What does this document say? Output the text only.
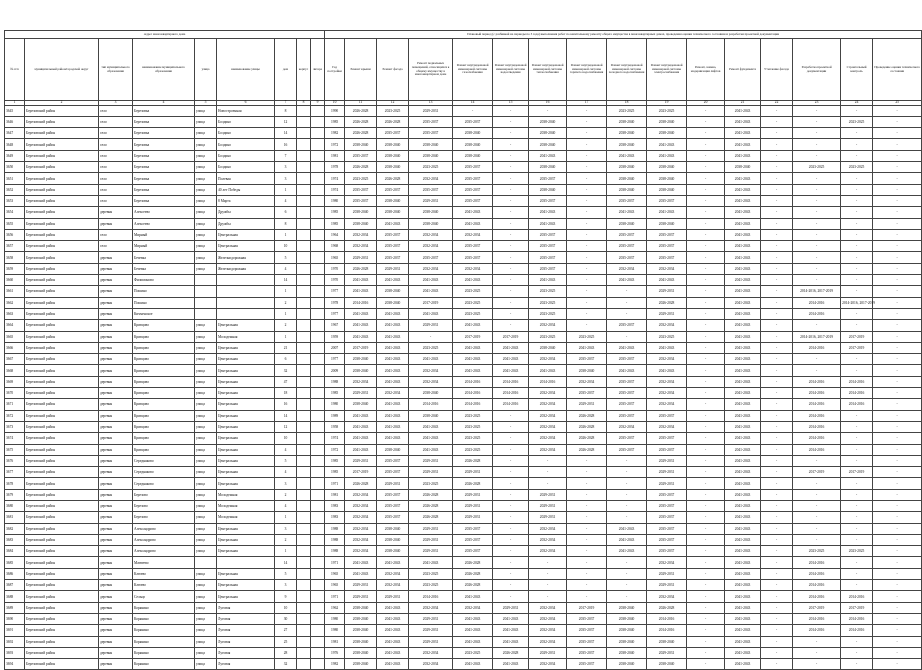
Адрес многоквартирного дома									Плановый период (с разбивкой на периоды по 3 года) выполнения работ по капитальному ремонту общего имущества в многоквартирных домах, проведения оценки технического состояния и разработки проектной документации															
№ п/п	муниципальный район/городской округ	тип муниципального образования	наименование муниципального образования	улица	наименование улицы	дом	корпус	литера	Год постройки	Ремонт крыши	Ремонт фасада	Ремонт подвальных помещений, относящихся к общему имуществу в многоквартирном доме	Ремонт внутридомовой инженерной системы газоснабжения	Ремонт внутридомовой инженерной системы водоотведения	Ремонт внутридомовой инженерной системы теплоснабжения	Ремонт внутридомовой инженерной системы горячего водоснабжения	Ремонт внутридомовой инженерной системы холодного водоснабжения	Ремонт внутридомовой инженерной системы электроснабжения	Ремонт, замена, модернизация лифтов	Ремонт фундамента	Утепление фасада	Разработка проектной документации	Строительный контроль	Проведение оценки технического состояния
1	2	3	4	5	6	7	8	9	10	11	12	13	14	15	16	17	18	19	20	21	22	23	24	25
3645	Березовский район	село	Березовка	улица	Новостроенная	8			1990	2026-2028	2023-2025	2029-2031	-	-	-	-	2023-2025	2023-2025	-	2041-2043	-	-	-	-
3646	Березовский район	село	Березовка	улица	Болдино	12			1985	2026-2028	2026-2028	2035-2037	2035-2037	-	2038-2040	-	2038-2040	2038-2040	-	2041-2043	-	-	2023-2025	-
3647	Березовский район	село	Березовка	улица	Болдино	14			1982	2026-2028	2035-2037	2035-2037	2038-2040	-	2038-2040	-	2038-2040	2038-2040	-	2041-2043	-	-	-	-
3648	Березовский район	село	Березовка	улица	Болдино	16			1972	2038-2040	2038-2040	2038-2040	2038-2040	-	2038-2040	-	2038-2040	2041-2043	-	2041-2043	-	-	-	-
3649	Березовский район	село	Березовка	улица	Болдино	7			1981	2035-2037	2038-2040	2038-2040	2038-2040	-	2041-2043	-	2041-2043	2041-2043	-	2041-2043	-	-	-	-
3650	Березовский район	село	Березовка	улица	Болдино	3			1978	2026-2028	2038-2040	2023-2025	2035-2037	-	2038-2040	-	2038-2040	2038-2040	-	2038-2040	-	2023-2025	2023-2025	-
3651	Березовский район	село	Березовка	улица	Полевая	3			1974	2023-2025	2026-2028	2032-2034	2035-2037	-	2035-2037	-	2038-2040	2038-2040	-	2041-2043	-	-	-	-
3652	Березовский район	село	Березовка	улица	40 лет Победы	1			1974	2035-2037	2035-2037	2035-2037	2035-2037	-	2038-2040	-	2038-2040	2038-2040	-	2041-2043	-	-	-	-
3653	Березовский район	село	Березовка	улица	8 Марта	4			1980	2035-2037	2038-2040	2029-2031	2035-2037	-	2035-2037	-	2035-2037	2035-2037	-	2041-2043	-	-	-	-
3654	Березовский район	деревня	Алексеево	улица	Дружбы	6			1985	2038-2040	2038-2040	2038-2040	2041-2043	-	2041-2043	-	2041-2043	2041-2043	-	2041-2043	-	-	-	-
3655	Березовский район	деревня	Алексеево	улица	Дружбы	8			1985	2038-2040	2041-2043	2038-2040	2041-2043	-	2041-2043	-	2038-2040	2038-2040	-	2041-2043	-	-	-	-
3656	Березовский район	село	Мирный	улица	Центральная	1			1964	2032-2034	2035-2037	2032-2034	2032-2034	-	2035-2037	-	2035-2037	2035-2037	-	2041-2043	-	-	-	-
3657	Березовский район	село	Мирный	улица	Центральная	10			1968	2032-2034	2035-2037	2032-2034	2035-2037	-	2035-2037	-	2035-2037	2035-2037	-	2041-2043	-	-	-	-
3658	Березовский район	деревня	Бечевка	улица	Железнодорожная	5			1965	2029-2031	2035-2037	2035-2037	2035-2037	-	2035-2037	-	2035-2037	2035-2037	-	2041-2043	-	-	-	-
3659	Березовский район	деревня	Бечевка	улица	Железнодорожная	4			1970	2026-2028	2029-2031	2032-2034	2032-2034	-	2035-2037	-	2032-2034	2032-2034	-	2041-2043	-	-	-	-
3660	Березовский район	деревня	Филимоново			14			1970	2041-2043	2041-2043	2041-2043	2041-2043	-	2041-2043	-	2041-2043	2041-2043	-	2041-2043	-	-	-	-
3661	Березовский район	деревня	Пошино			1			1977	2041-2043	2038-2040	2041-2043	2023-2025	-	2023-2025	-	-	2029-2031	-	2041-2043	-	2014-2016, 2017-2019	-	-
3662	Березовский район	деревня	Пошино			2			1978	2014-2016	2038-2040	2017-2019	2023-2025	-	2023-2025	-	-	2026-2028	-	2041-2043	-	2014-2016	2014-2016, 2017-2019	-
3663	Березовский район	деревня	Кичменское			1			1977	2041-2043	2041-2043	2041-2043	2023-2025	-	2023-2025	-	-	2029-2031	-	2041-2043	-	2014-2016	-	-
3664	Березовский район	деревня	Кривцово	улица	Центральная	2			1967	2041-2043	2041-2043	2029-2031	2041-2043	-	2032-2034	-	2035-2037	2032-2034	-	2041-2043	-	-	-	-
3665	Березовский район	деревня	Кривцово	улица	Молодежная	1			1959	2041-2043	2041-2043	-	2017-2019	2017-2019	2023-2025	2023-2025	-	2023-2025	-	2041-2043	-	2014-2016, 2017-2019	2017-2019	-
3666	Березовский район	деревня	Кривцово	улица	Центральная	21			2007	2017-2019	2041-2043	2023-2025	2041-2043	2041-2043	2038-2040	2041-2043	2041-2043	2041-2043	-	2041-2043	-	2014-2016	2017-2019	-
3667	Березовский район	деревня	Кривцово	улица	Центральная	6			1977	2038-2040	2041-2043	2041-2043	2041-2043	2041-2043	2032-2034	2035-2037	2035-2037	2032-2034	-	2041-2043	-	-	-	-
3668	Березовский район	деревня	Кривцово	улица	Центральная	32			2009	2038-2040	2041-2043	2032-2034	2041-2043	2041-2043	2041-2043	2038-2040	2041-2043	2041-2043	-	2041-2043	-	-	-	-
3669	Березовский район	деревня	Кривцово	улица	Центральная	47			1988	2032-2034	2041-2043	2032-2034	2014-2016	2014-2016	2014-2016	2032-2034	2035-2037	2032-2034	-	2041-2043	-	2014-2016	2014-2016	-
3670	Березовский район	деревня	Кривцово	улица	Центральная	18			1985	2029-2031	2032-2034	2038-2040	2014-2016	2014-2016	2032-2034	2035-2037	2035-2037	2032-2034	-	2041-2043	-	2014-2016	2014-2016	-
3671	Березовский район	деревня	Кривцово	улица	Центральная	16			1980	2038-2040	2041-2043	2014-2016	2014-2016	2014-2016	2032-2034	2029-2031	2035-2037	2032-2034	-	2041-2043	-	2014-2016	2014-2016	-
3672	Березовский район	деревня	Кривцово	улица	Центральная	14			1989	2041-2043	2041-2043	2038-2040	2023-2025	-	2032-2034	2026-2028	2035-2037	2035-2037	-	2041-2043	-	2014-2016	-	-
3673	Березовский район	деревня	Кривцово	улица	Центральная	12			1958	2041-2043	2041-2043	2041-2043	2023-2025	-	2032-2034	2026-2028	2032-2034	2032-2034	-	2041-2043	-	2014-2016	-	-
3674	Березовский район	деревня	Кривцово	улица	Центральная	10			1974	2041-2043	2041-2043	2041-2043	2023-2025	-	2032-2034	2026-2028	2035-2037	2035-2037	-	2041-2043	-	2014-2016	-	-
3675	Березовский район	деревня	Кривцово	улица	Центральная	4			1972	2041-2043	2038-2040	2041-2043	2023-2025	-	2032-2034	2026-2028	2035-2037	2035-2037	-	2041-2043	-	2014-2016	-	-
3676	Березовский район	деревня	Середняково	улица	Центральная	5			1985	2029-2031	2035-2037	2029-2031	2026-2028	-	-	-	-	2029-2031	-	2041-2043	-	-	-	-
3677	Березовский район	деревня	Середняково	улица	Центральная	4			1985	2017-2019	2035-2037	2029-2031	2029-2031	-	-	-	-	2029-2031	-	2041-2043	-	2017-2019	2017-2019	-
3678	Березовский район	деревня	Середняково	улица	Центральная	3			1971	2026-2028	2029-2031	2023-2025	2026-2028	-	-	-	-	2029-2031	-	2041-2043	-	-	-	-
3679	Березовский район	деревня	Березово	улица	Молодежная	2			1981	2032-2034	2035-2037	2026-2028	2029-2031	-	2029-2031	-	-	2035-2037	-	2041-2043	-	-	-	-
3680	Березовский район	деревня	Березово	улица	Молодежная	4			1983	2032-2034	2035-2037	2026-2028	2029-2031	-	2029-2031	-	-	2035-2037	-	2041-2043	-	-	-	-
3681	Березовский район	деревня	Березово	улица	Молодежная	1			1983	2032-2034	2035-2037	2026-2028	2029-2031	-	2029-2031	-	-	2035-2037	-	2041-2043	-	-	-	-
3682	Березовский район	деревня	Александрово	улица	Центральная	3			1988	2032-2034	2038-2040	2029-2031	2035-2037	-	2032-2034	-	2041-2043	2035-2037	-	2041-2043	-	-	-	-
3683	Березовский район	деревня	Александрово	улица	Центральная	2			1988	2032-2034	2038-2040	2029-2031	2035-2037	-	2032-2034	-	2041-2043	2035-2037	-	2041-2043	-	-	-	-
3684	Березовский район	деревня	Александрово	улица	Центральная	1			1988	2032-2034	2038-2040	2029-2031	2035-2037	-	2032-2034	-	2041-2043	2035-2037	-	2041-2043	-	2023-2025	2023-2025	-
3685	Березовский район	деревня	Матвеево			14			1971	2041-2043	2041-2043	2041-2043	2026-2028	-	-	-	-	2032-2034	-	2041-2043	-	2014-2016	-	-
3686	Березовский район	деревня	Клюево	улица	Центральная	5			1965	2041-2043	2032-2034	2023-2025	2026-2028	-	-	-	-	2029-2031	-	2041-2043	-	2014-2016	-	-
3687	Березовский район	деревня	Клюево	улица	Центральная	3			1965	2029-2031	2032-2034	2023-2025	2026-2028	-	-	-	-	2029-2031	-	2041-2043	-	2014-2016	-	-
3688	Березовский район	деревня	Сельцо	улица	Центральная	9			1971	2029-2031	2029-2031	2014-2016	2041-2043	-	-	-	-	2032-2034	-	2041-2043	-	2014-2016	2014-2016	-
3689	Березовский район	деревня	Корякино	улица	Луговая	10			1962	2038-2040	2041-2043	2032-2034	2032-2034	2029-2031	2032-2034	2017-2019	2038-2040	2026-2028	-	2041-2043	-	2017-2019	2017-2019	-
3690	Березовский район	деревня	Корякино	улица	Луговая	30			1980	2038-2040	2041-2043	2029-2031	2041-2043	2041-2043	2032-2034	2035-2037	2038-2040	2014-2016	-	2041-2043	-	2014-2016	2014-2016	-
3691	Березовский район	деревня	Корякино	улица	Луговая	27			1980	2038-2040	2041-2043	2029-2031	2041-2043	2041-2043	2032-2034	2035-2037	2038-2040	2014-2016	-	2041-2043	-	2014-2016	2014-2016	-
3692	Березовский район	деревня	Корякино	улица	Луговая	25			1981	2038-2040	2041-2043	2029-2031	2041-2043	2041-2043	2032-2034	2035-2037	2038-2040	2038-2040	-	2041-2043	-	-	-	-
3693	Березовский район	деревня	Корякино	улица	Луговая	28			1976	2038-2040	2041-2043	2032-2034	2023-2025	2026-2028	2029-2031	2035-2037	2038-2040	2029-2031	-	2041-2043	-	-	-	-
3694	Березовский район	деревня	Корякино	улица	Луговая	32			1982	2038-2040	2041-2043	2032-2034	2041-2043	2041-2043	2032-2034	2035-2037	2038-2040	2038-2040	-	2041-2043	-	-	-	-
